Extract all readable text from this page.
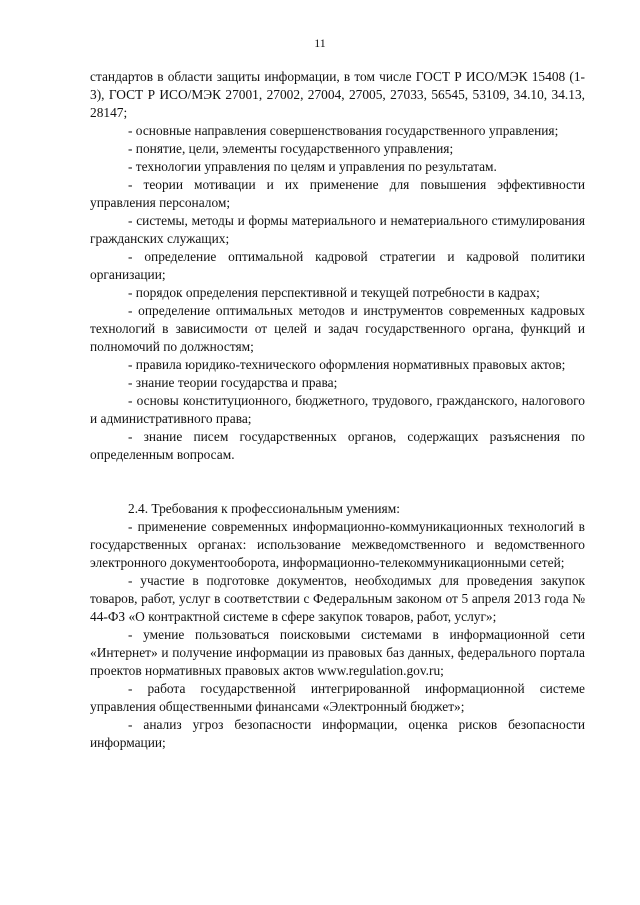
11

стандартов в области защиты информации, в том числе ГОСТ Р ИСО/МЭК 15408 (1-3), ГОСТ Р ИСО/МЭК 27001, 27002, 27004, 27005, 27033, 56545, 53109, 34.10, 34.13, 28147;

- основные направления совершенствования государственного управления;

- понятие, цели, элементы государственного управления;

- технологии управления по целям и управления по результатам.

- теории мотивации и их применение для повышения эффективности управления персоналом;

- системы, методы и формы материального и нематериального стимулирования гражданских служащих;

- определение оптимальной кадровой стратегии и кадровой политики организации;

- порядок определения перспективной и текущей потребности в кадрах;

- определение оптимальных методов и инструментов современных кадровых технологий в зависимости от целей и задач государственного органа, функций и полномочий по должностям;

- правила юридико-технического оформления нормативных правовых актов;

- знание теории государства и права;

- основы конституционного, бюджетного, трудового, гражданского, налогового и административного права;

- знание писем государственных органов, содержащих разъяснения по определенным вопросам.

2.4. Требования к профессиональным умениям:

- применение современных информационно-коммуникационных технологий в государственных органах: использование межведомственного и ведомственного электронного документооборота, информационно-телекоммуникационными сетей;

- участие в подготовке документов, необходимых для проведения закупок товаров, работ, услуг в соответствии с Федеральным законом от 5 апреля 2013 года № 44-ФЗ «О контрактной системе в сфере закупок товаров, работ, услуг»;

- умение пользоваться поисковыми системами в информационной сети «Интернет» и получение информации из правовых баз данных, федерального портала проектов нормативных правовых актов www.regulation.gov.ru;

- работа государственной интегрированной информационной системе управления общественными финансами «Электронный бюджет»;

- анализ угроз безопасности информации, оценка рисков безопасности информации;
